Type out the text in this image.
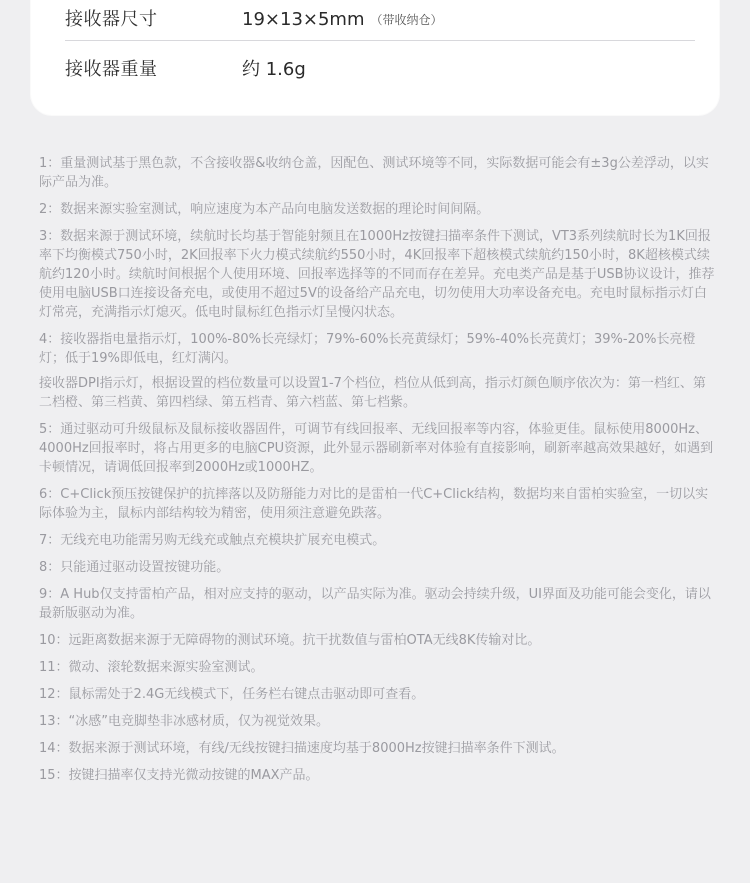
接收器尺寸	19×13×5mm （带收纳仓）
接收器重量	约 1.6g

1：重量测试基于黑色款，不含接收器&收纳仓盖，因配色、测试环境等不同，实际数据可能会有±3g公差浮动，以实际产品为准。

2：数据来源实验室测试，响应速度为本产品向电脑发送数据的理论时间间隔。

3：数据来源于测试环境，续航时长均基于智能射频且在1000Hz按键扫描率条件下测试，VT3系列续航时长为1K回报率下均衡模式750小时，2K回报率下火力模式续航约550小时，4K回报率下超核模式续航约150小时，8K超核模式续航约120小时。续航时间根据个人使用环境、回报率选择等的不同而存在差异。充电类产品是基于USB协议设计，推荐使用电脑USB口连接设备充电，或使用不超过5V的设备给产品充电，切勿使用大功率设备充电。充电时鼠标指示灯白灯常亮，充满指示灯熄灭。低电时鼠标红色指示灯呈慢闪状态。

4：接收器指电量指示灯，100%-80%长亮绿灯；79%-60%长亮黄绿灯；59%-40%长亮黄灯；39%-20%长亮橙灯；低于19%即低电，红灯满闪。

接收器DPI指示灯，根据设置的档位数量可以设置1-7个档位，档位从低到高，指示灯颜色顺序依次为：第一档红、第二档橙、第三档黄、第四档绿、第五档青、第六档蓝、第七档紫。

5：通过驱动可升级鼠标及鼠标接收器固件，可调节有线回报率、无线回报率等内容，体验更佳。鼠标使用8000Hz、4000Hz回报率时，将占用更多的电脑CPU资源，此外显示器刷新率对体验有直接影响，刷新率越高效果越好，如遇到卡顿情况，请调低回报率到2000Hz或1000HZ。

6：C+Click预压按键保护的抗摔落以及防掰能力对比的是雷柏一代C+Click结构，数据均来自雷柏实验室，一切以实际体验为主，鼠标内部结构较为精密，使用须注意避免跌落。

7：无线充电功能需另购无线充或触点充模块扩展充电模式。

8：只能通过驱动设置按键功能。

9：A Hub仅支持雷柏产品，相对应支持的驱动，以产品实际为准。驱动会持续升级，UI界面及功能可能会变化，请以最新版驱动为准。

10：远距离数据来源于无障碍物的测试环境。抗干扰数值与雷柏OTA无线8K传输对比。

11：微动、滚轮数据来源实验室测试。

12：鼠标需处于2.4G无线模式下，任务栏右键点击驱动即可查看。

13：“冰感”电竞脚垫非冰感材质，仅为视觉效果。

14：数据来源于测试环境，有线/无线按键扫描速度均基于8000Hz按键扫描率条件下测试。

15：按键扫描率仅支持光微动按键的MAX产品。
